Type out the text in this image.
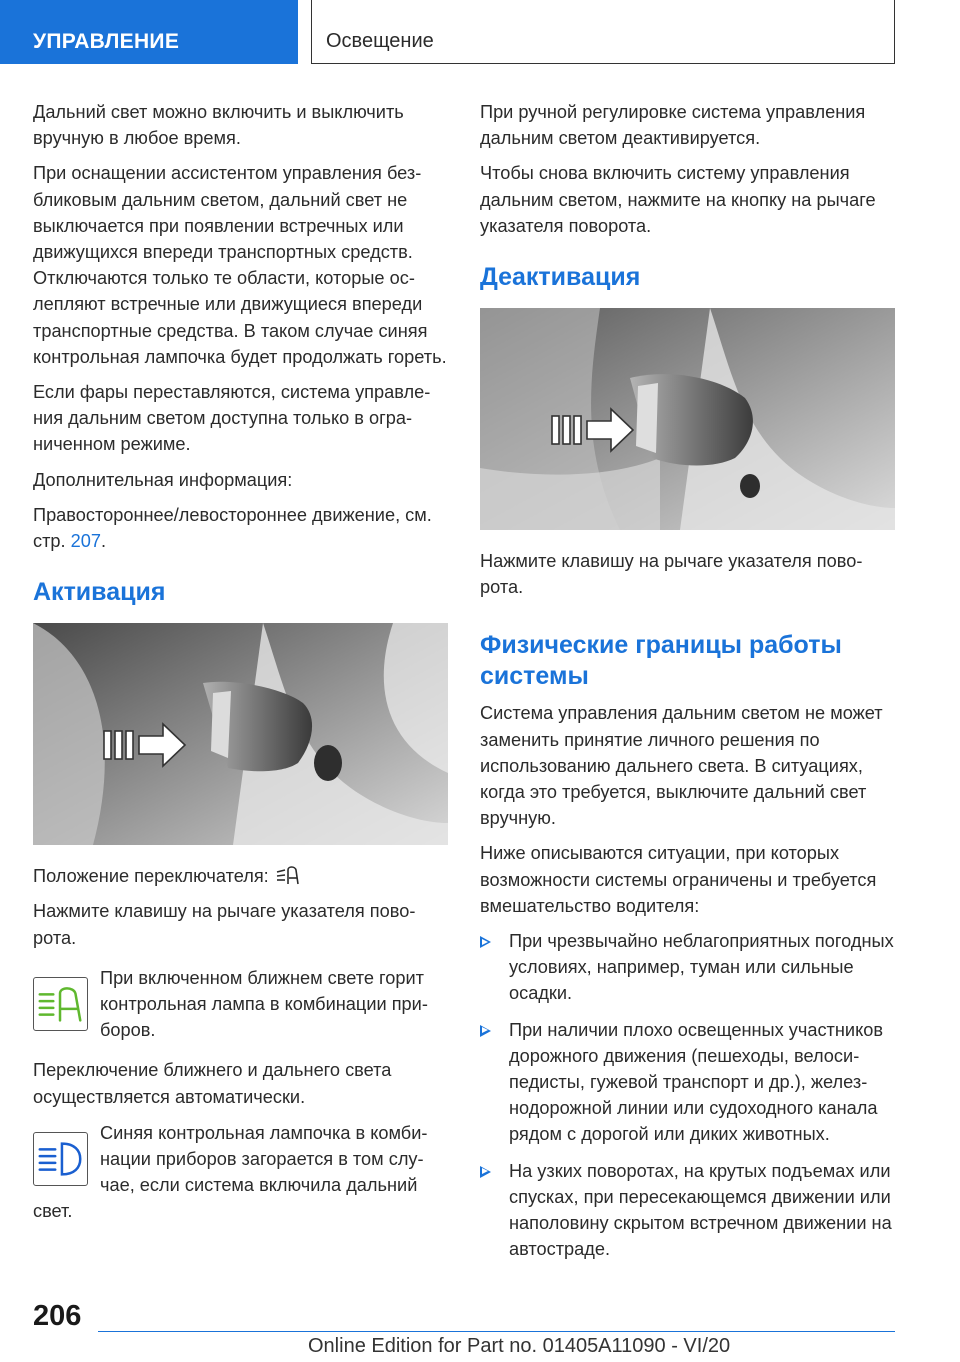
УПРАВЛЕНИЕ	Освещение

Дальний свет можно включить и выключить вручную в любое время.

При оснащении ассистентом управления безбликовым дальним светом, дальний свет не выключается при появлении встречных или движущихся впереди транспортных средств. Отключаются только те области, которые ослепляют встречные или движущиеся впереди транспортные средства. В таком случае синяя контрольная лампочка будет продолжать гореть.

Если фары переставляются, система управления дальним светом доступна только в ограниченном режиме.

Дополнительная информация:

Правостороннее/левостороннее движение, см. стр. 207.

Активация

Положение переключателя:

Нажмите клавишу на рычаге указателя поворота.

При включенном ближнем свете горит контрольная лампа в комбинации приборов.

Переключение ближнего и дальнего света осуществляется автоматически.

Синяя контрольная лампочка в комбинации приборов загорается в том случае, если система включила дальний

свет.

При ручной регулировке система управления дальним светом деактивируется.

Чтобы снова включить систему управления дальним светом, нажмите на кнопку на рычаге указателя поворота.

Деактивация

Нажмите клавишу на рычаге указателя поворота.

Физические границы работы системы

Система управления дальним светом не может заменить принятие личного решения по использованию дальнего света. В ситуациях, когда это требуется, выключите дальний свет вручную.

Ниже описываются ситуации, при которых возможности системы ограничены и требуется вмешательство водителя:

При чрезвычайно неблагоприятных погодных условиях, например, туман или сильные осадки.
При наличии плохо освещенных участников дорожного движения (пешеходы, велосипедисты, гужевой транспорт и др.), железнодорожной линии или судоходного канала рядом с дорогой или диких животных.
На узких поворотах, на крутых подъемах или спусках, при пересекающемся движении или наполовину скрытом встречном движении на автостраде.
206
Online Edition for Part no. 01405A11090 - VI/20
